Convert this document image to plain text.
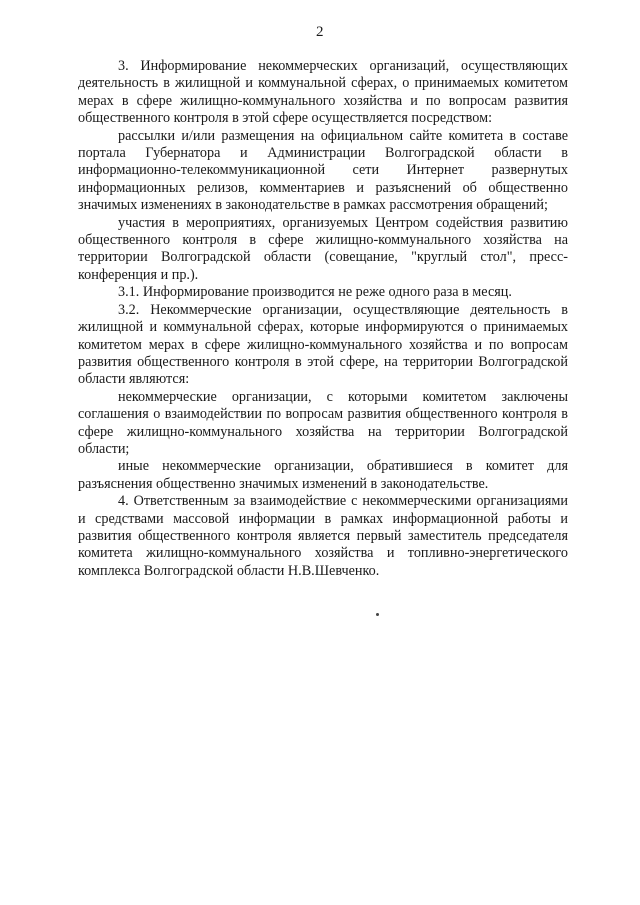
2

3. Информирование некоммерческих организаций, осуществляющих деятельность в жилищной и коммунальной сферах, о принимаемых комитетом мерах в сфере жилищно-коммунального хозяйства и по вопросам развития общественного контроля в этой сфере осуществляется посредством:

рассылки и/или размещения на официальном сайте комитета в составе портала Губернатора и Администрации Волгоградской области в информационно-телекоммуникационной сети Интернет развернутых информационных релизов, комментариев и разъяснений об общественно значимых изменениях в законодательстве в рамках рассмотрения обращений;

участия в мероприятиях, организуемых Центром содействия развитию общественного контроля в сфере жилищно-коммунального хозяйства на территории Волгоградской области (совещание, "круглый стол", пресс-конференция и пр.).

3.1. Информирование производится не реже одного раза в месяц.

3.2. Некоммерческие организации, осуществляющие деятельность в жилищной и коммунальной сферах, которые информируются о принимаемых комитетом мерах в сфере жилищно-коммунального хозяйства и по вопросам развития общественного контроля в этой сфере, на территории Волгоградской области являются:

некоммерческие организации, с которыми комитетом заключены соглашения о взаимодействии по вопросам развития общественного контроля в сфере жилищно-коммунального хозяйства на территории Волгоградской области;

иные некоммерческие организации, обратившиеся в комитет для разъяснения общественно значимых изменений в законодательстве.

4. Ответственным за взаимодействие с некоммерческими организациями и средствами массовой информации в рамках информационной работы и развития общественного контроля является первый заместитель председателя комитета жилищно-коммунального хозяйства и топливно-энергетического комплекса Волгоградской области Н.В.Шевченко.
